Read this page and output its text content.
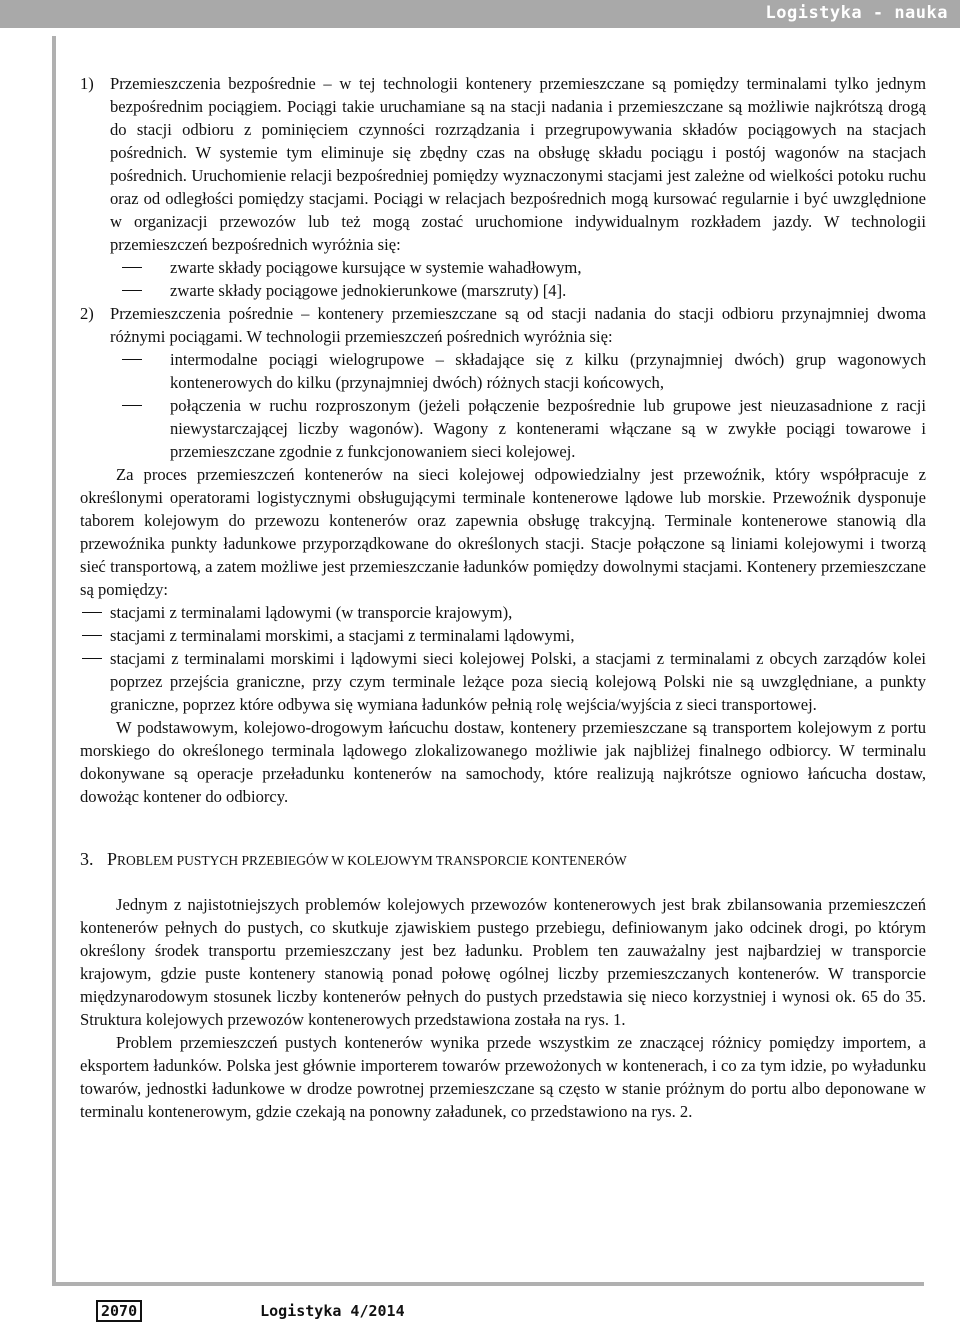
Logistyka - nauka
1) Przemieszczenia bezpośrednie – w tej technologii kontenery przemieszczane są pomiędzy terminalami tylko jednym bezpośrednim pociągiem. Pociągi takie uruchamiane są na stacji nadania i przemieszczane są możliwie najkrótszą drogą do stacji odbioru z pominięciem czynności rozrządzania i przegrupowywania składów pociągowych na stacjach pośrednich. W systemie tym eliminuje się zbędny czas na obsługę składu pociągu i postój wagonów na stacjach pośrednich. Uruchomienie relacji bezpośredniej pomiędzy wyznaczonymi stacjami jest zależne od wielkości potoku ruchu oraz od odległości pomiędzy stacjami. Pociągi w relacjach bezpośrednich mogą kursować regularnie i być uwzględnione w organizacji przewozów lub też mogą zostać uruchomione indywidualnym rozkładem jazdy. W technologii przemieszczeń bezpośrednich wyróżnia się:

zwarte składy pociągowe kursujące w systemie wahadłowym,
zwarte składy pociągowe jednokierunkowe (marszruty) [4].
2) Przemieszczenia pośrednie – kontenery przemieszczane są od stacji nadania do stacji odbioru przynajmniej dwoma różnymi pociągami. W technologii przemieszczeń pośrednich wyróżnia się:

intermodalne pociągi wielogrupowe – składające się z kilku (przynajmniej dwóch) grup wagonowych kontenerowych do kilku (przynajmniej dwóch) różnych stacji końcowych,
połączenia w ruchu rozproszonym (jeżeli połączenie bezpośrednie lub grupowe jest nieuzasadnione z racji niewystarczającej liczby wagonów). Wagony z kontenerami włączane są w zwykłe pociągi towarowe i przemieszczane zgodnie z funkcjonowaniem sieci kolejowej.

Za proces przemieszczeń kontenerów na sieci kolejowej odpowiedzialny jest przewoźnik, który współpracuje z określonymi operatorami logistycznymi obsługującymi terminale kontenerowe lądowe lub morskie. Przewoźnik dysponuje taborem kolejowym do przewozu kontenerów oraz zapewnia obsługę trakcyjną. Terminale kontenerowe stanowią dla przewoźnika punkty ładunkowe przyporządkowane do określonych stacji. Stacje połączone są liniami kolejowymi i tworzą sieć transportową, a zatem możliwe jest przemieszczanie ładunków pomiędzy dowolnymi stacjami. Kontenery przemieszczane są pomiędzy:

stacjami z terminalami lądowymi (w transporcie krajowym),
stacjami z terminalami morskimi, a stacjami z terminalami lądowymi,
stacjami z terminalami morskimi i lądowymi sieci kolejowej Polski, a stacjami z terminalami z obcych zarządów kolei poprzez przejścia graniczne, przy czym terminale leżące poza siecią kolejową Polski nie są uwzględniane, a punkty graniczne, poprzez które odbywa się wymiana ładunków pełnią rolę wejścia/wyjścia z sieci transportowej.

W podstawowym, kolejowo-drogowym łańcuchu dostaw, kontenery przemieszczane są transportem kolejowym z portu morskiego do określonego terminala lądowego zlokalizowanego możliwie jak najbliżej finalnego odbiorcy. W terminalu dokonywane są operacje przeładunku kontenerów na samochody, które realizują najkrótsze ogniowo łańcucha dostaw, dowożąc kontener do odbiorcy.

3. PROBLEM PUSTYCH PRZEBIEGÓW W KOLEJOWYM TRANSPORCIE KONTENERÓW

Jednym z najistotniejszych problemów kolejowych przewozów kontenerowych jest brak zbilansowania przemieszczeń kontenerów pełnych do pustych, co skutkuje zjawiskiem pustego przebiegu, definiowanym jako odcinek drogi, po którym określony środek transportu przemieszczany jest bez ładunku. Problem ten zauważalny jest najbardziej w transporcie krajowym, gdzie puste kontenery stanowią ponad połowę ogólnej liczby przemieszczanych kontenerów. W transporcie międzynarodowym stosunek liczby kontenerów pełnych do pustych przedstawia się nieco korzystniej i wynosi ok. 65 do 35. Struktura kolejowych przewozów kontenerowych przedstawiona została na rys. 1.

Problem przemieszczeń pustych kontenerów wynika przede wszystkim ze znaczącej różnicy pomiędzy importem, a eksportem ładunków. Polska jest głównie importerem towarów przewożonych w kontenerach, i co za tym idzie, po wyładunku towarów, jednostki ładunkowe w drodze powrotnej przemieszczane są często w stanie próżnym do portu albo deponowane w terminalu kontenerowym, gdzie czekają na ponowny załadunek, co przedstawiono na rys. 2.

2070	Logistyka 4/2014
